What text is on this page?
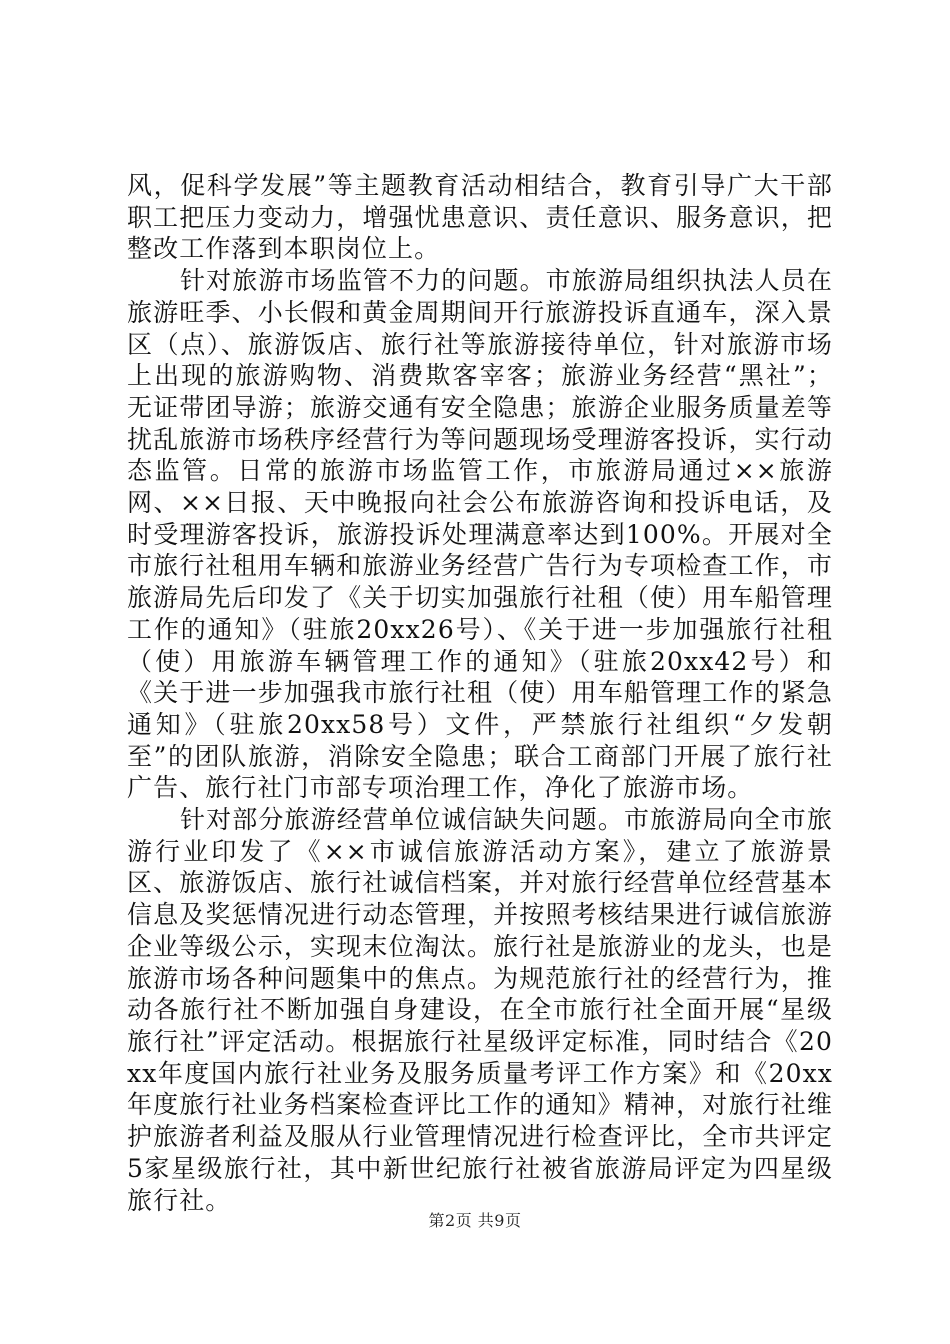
风，促科学发展”等主题教育活动相结合，教育引导广大干部职工把压力变动力，增强忧患意识、责任意识、服务意识，把整改工作落到本职岗位上。

针对旅游市场监管不力的问题。市旅游局组织执法人员在旅游旺季、小长假和黄金周期间开行旅游投诉直通车，深入景区（点）、旅游饭店、旅行社等旅游接待单位，针对旅游市场上出现的旅游购物、消费欺客宰客；旅游业务经营“黑社”；无证带团导游；旅游交通有安全隐患；旅游企业服务质量差等扰乱旅游市场秩序经营行为等问题现场受理游客投诉，实行动态监管。日常的旅游市场监管工作，市旅游局通过××旅游网、××日报、天中晚报向社会公布旅游咨询和投诉电话，及时受理游客投诉，旅游投诉处理满意率达到100%。开展对全市旅行社租用车辆和旅游业务经营广告行为专项检查工作，市旅游局先后印发了《关于切实加强旅行社租（使）用车船管理工作的通知》（驻旅20xx26号）、《关于进一步加强旅行社租（使）用旅游车辆管理工作的通知》（驻旅20xx42号）和《关于进一步加强我市旅行社租（使）用车船管理工作的紧急通知》（驻旅20xx58号）文件，严禁旅行社组织“夕发朝至”的团队旅游，消除安全隐患；联合工商部门开展了旅行社广告、旅行社门市部专项治理工作，净化了旅游市场。

针对部分旅游经营单位诚信缺失问题。市旅游局向全市旅游行业印发了《××市诚信旅游活动方案》，建立了旅游景区、旅游饭店、旅行社诚信档案，并对旅行经营单位经营基本信息及奖惩情况进行动态管理，并按照考核结果进行诚信旅游企业等级公示，实现末位淘汰。旅行社是旅游业的龙头，也是旅游市场各种问题集中的焦点。为规范旅行社的经营行为，推动各旅行社不断加强自身建设，在全市旅行社全面开展“星级旅行社”评定活动。根据旅行社星级评定标准，同时结合《20xx年度国内旅行社业务及服务质量考评工作方案》和《20xx年度旅行社业务档案检查评比工作的通知》精神，对旅行社维护旅游者利益及服从行业管理情况进行检查评比，全市共评定5家星级旅行社，其中新世纪旅行社被省旅游局评定为四星级旅行社。

第2页 共9页
